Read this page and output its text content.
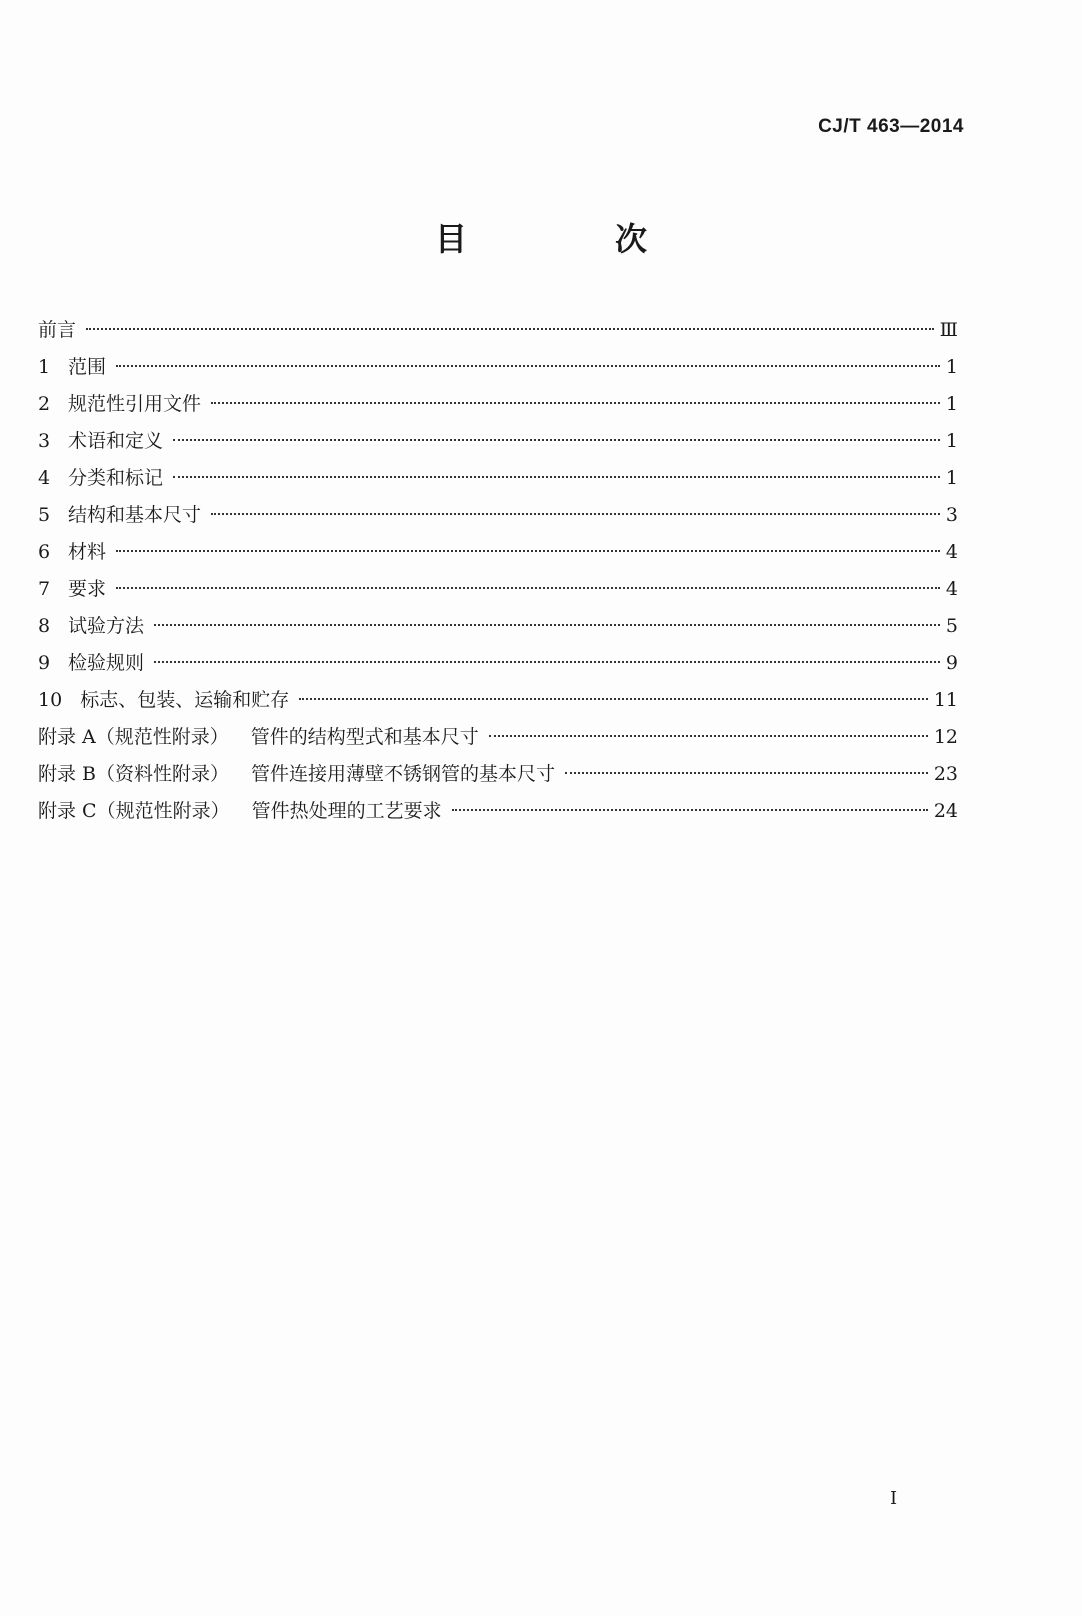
CJ/T 463—2014
目　次
前言	Ⅲ
1 范围	1
2 规范性引用文件	1
3 术语和定义	1
4 分类和标记	1
5 结构和基本尺寸	3
6 材料	4
7 要求	4
8 试验方法	5
9 检验规则	9
10 标志、包装、运输和贮存	11
附录 A（规范性附录） 管件的结构型式和基本尺寸	12
附录 B（资料性附录） 管件连接用薄壁不锈钢管的基本尺寸	23
附录 C（规范性附录） 管件热处理的工艺要求	24
I
